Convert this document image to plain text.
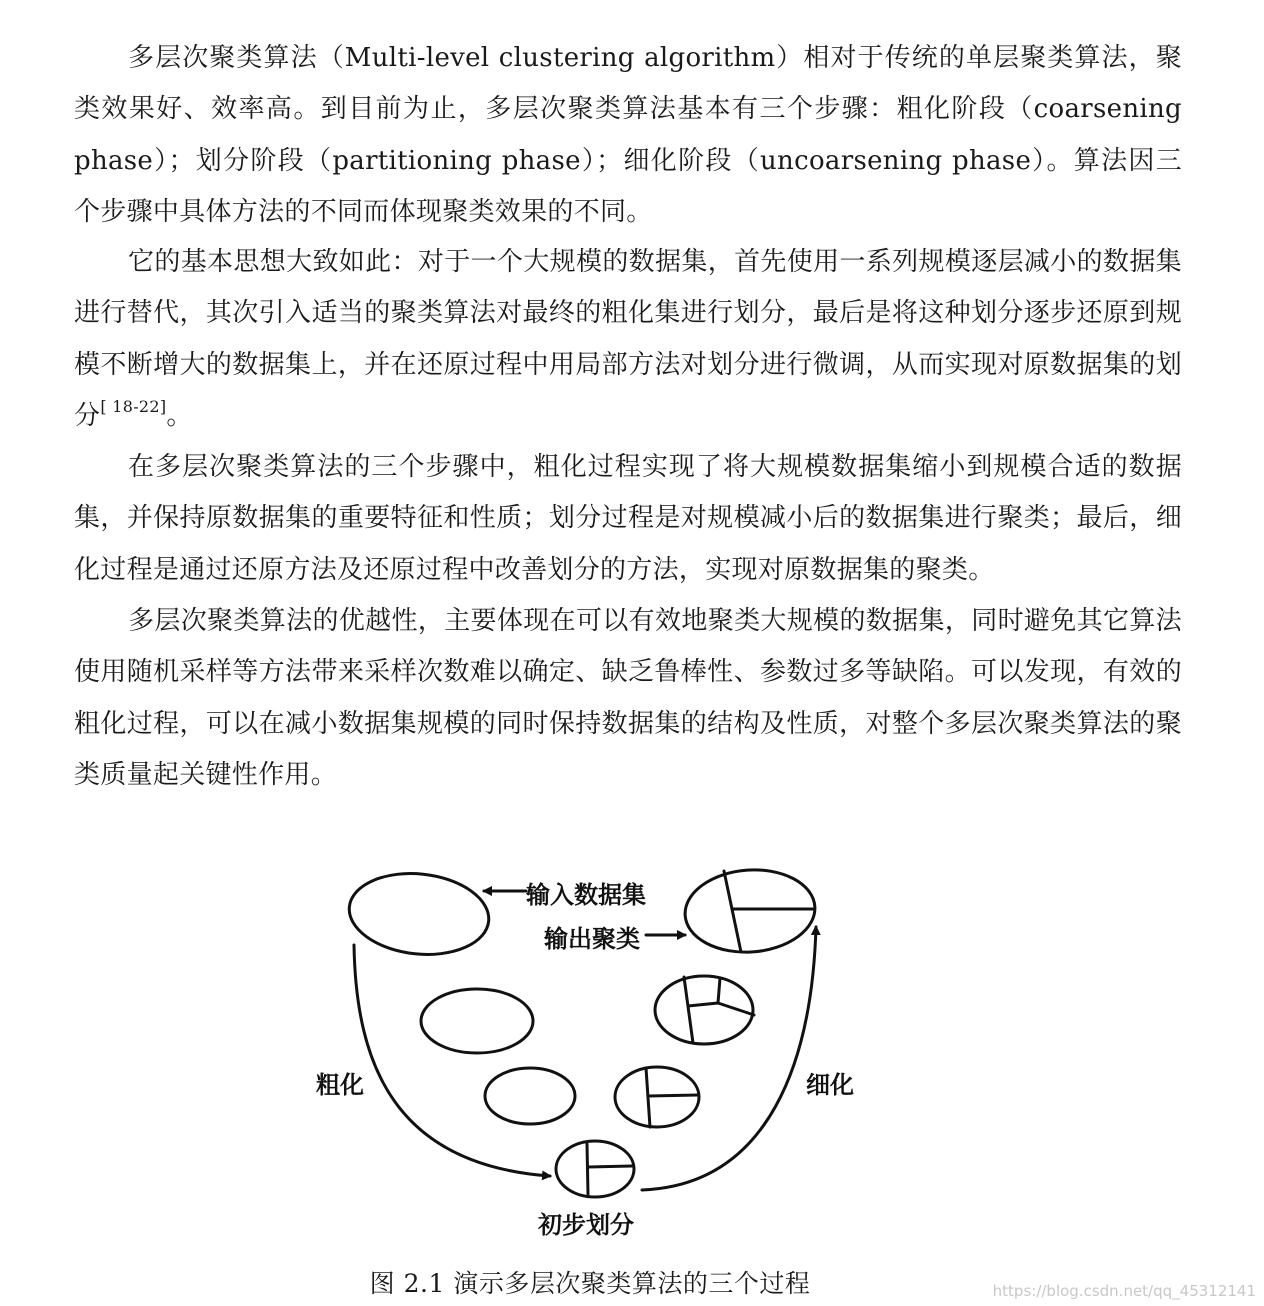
多层次聚类算法（Multi-level clustering algorithm）相对于传统的单层聚类算法，聚类效果好、效率高。到目前为止，多层次聚类算法基本有三个步骤：粗化阶段（coarsening phase）；划分阶段（partitioning phase）；细化阶段（uncoarsening phase）。算法因三个步骤中具体方法的不同而体现聚类效果的不同。

它的基本思想大致如此：对于一个大规模的数据集，首先使用一系列规模逐层减小的数据集进行替代，其次引入适当的聚类算法对最终的粗化集进行划分，最后是将这种划分逐步还原到规模不断增大的数据集上，并在还原过程中用局部方法对划分进行微调，从而实现对原数据集的划分[ 18-22]。

在多层次聚类算法的三个步骤中，粗化过程实现了将大规模数据集缩小到规模合适的数据集，并保持原数据集的重要特征和性质；划分过程是对规模减小后的数据集进行聚类；最后，细化过程是通过还原方法及还原过程中改善划分的方法，实现对原数据集的聚类。

多层次聚类算法的优越性，主要体现在可以有效地聚类大规模的数据集，同时避免其它算法使用随机采样等方法带来采样次数难以确定、缺乏鲁棒性、参数过多等缺陷。可以发现，有效的粗化过程，可以在减小数据集规模的同时保持数据集的结构及性质，对整个多层次聚类算法的聚类质量起关键性作用。

输入数据集
输出聚类
粗化	细化
初步划分
图 2.1 演示多层次聚类算法的三个过程	https://blog.csdn.net/qq_45312141
